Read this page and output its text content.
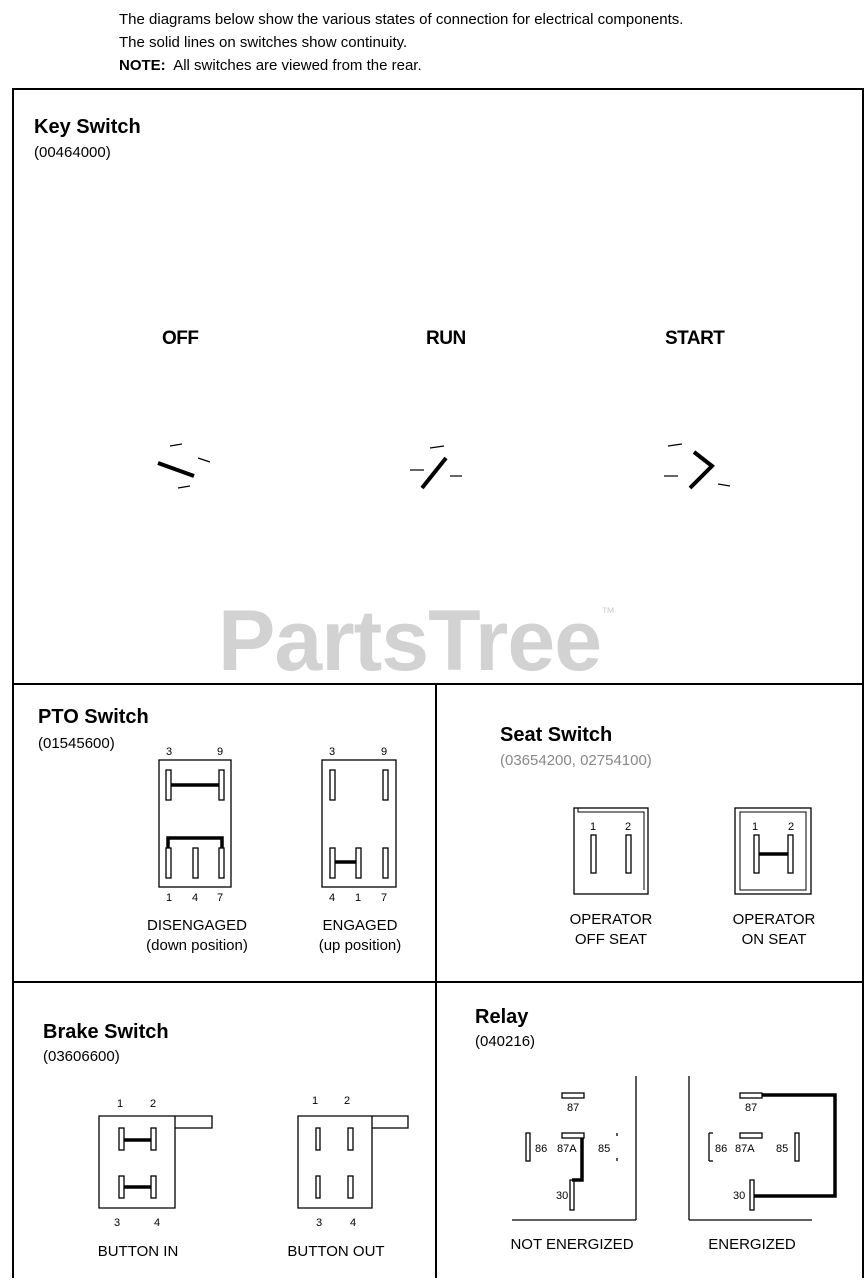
The diagrams below show the various states of connection for electrical components.
The solid lines on switches show continuity.
NOTE: All switches are viewed from the rear.
PartsTree™
Key Switch
(00464000)
OFF	RUN	START
PTO Switch
(01545600)
DISENGAGED
(down position)
ENGAGED
(up position)
Seat Switch
(03654200, 02754100)
OPERATOR
OFF SEAT
OPERATOR
ON SEAT
Brake Switch
(03606600)
BUTTON IN	BUTTON OUT
Relay
(040216)
NOT ENERGIZED	ENERGIZED
3	9
1 4 7
3	9
4 1 7
1	2	1	2
1 2
3	4
1 2
3	4
87
86 87A 85
30
87
86 87A 85
30
